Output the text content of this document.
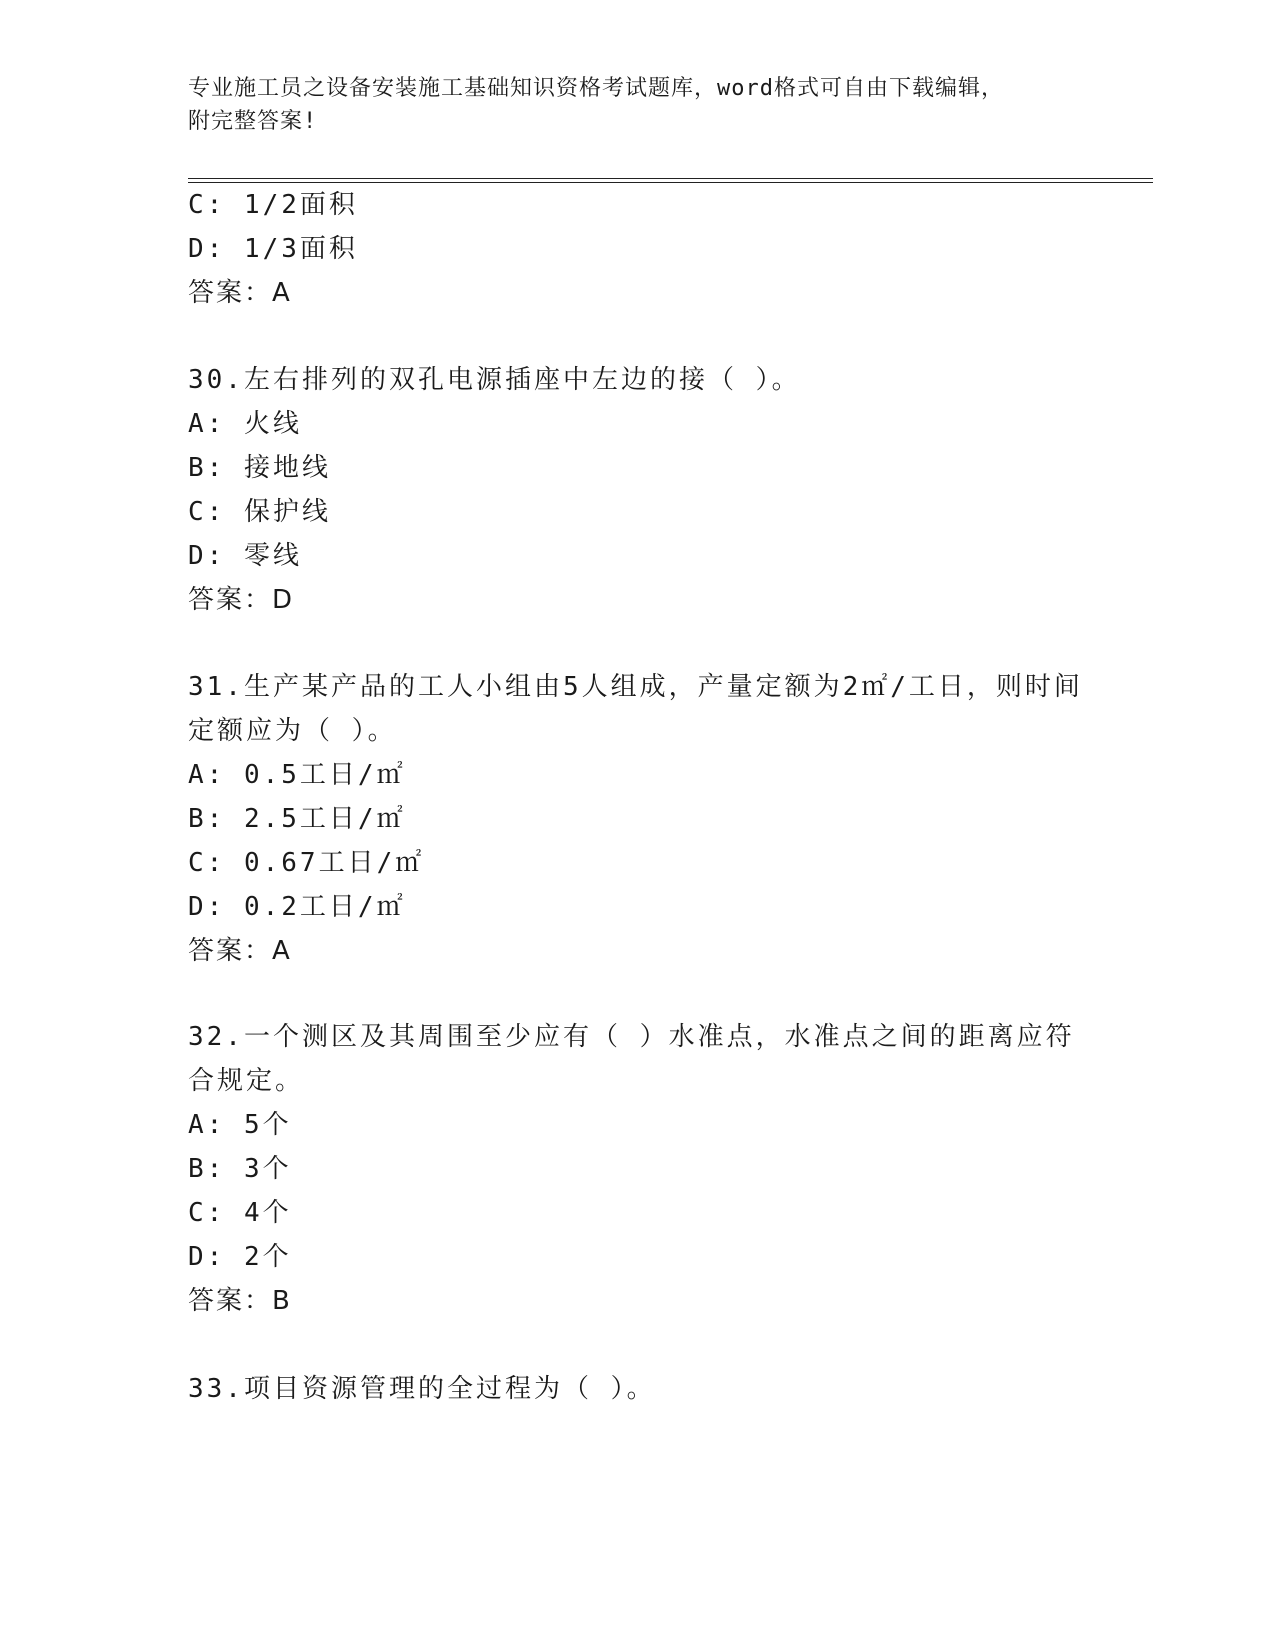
专业施工员之设备安装施工基础知识资格考试题库，word格式可自由下载编辑，
附完整答案!
C: 1/2面积
D: 1/3面积
答案：A
30.左右排列的双孔电源插座中左边的接（ ）。
A: 火线
B: 接地线
C: 保护线
D: 零线
答案：D
31.生产某产品的工人小组由5人组成，产量定额为2㎡/工日，则时间
定额应为（ ）。
A: 0.5工日/㎡
B: 2.5工日/㎡
C: 0.67工日/㎡
D: 0.2工日/㎡
答案：A
32.一个测区及其周围至少应有（ ）水准点，水准点之间的距离应符
合规定。
A: 5个
B: 3个
C: 4个
D: 2个
答案：B
33.项目资源管理的全过程为（ ）。
